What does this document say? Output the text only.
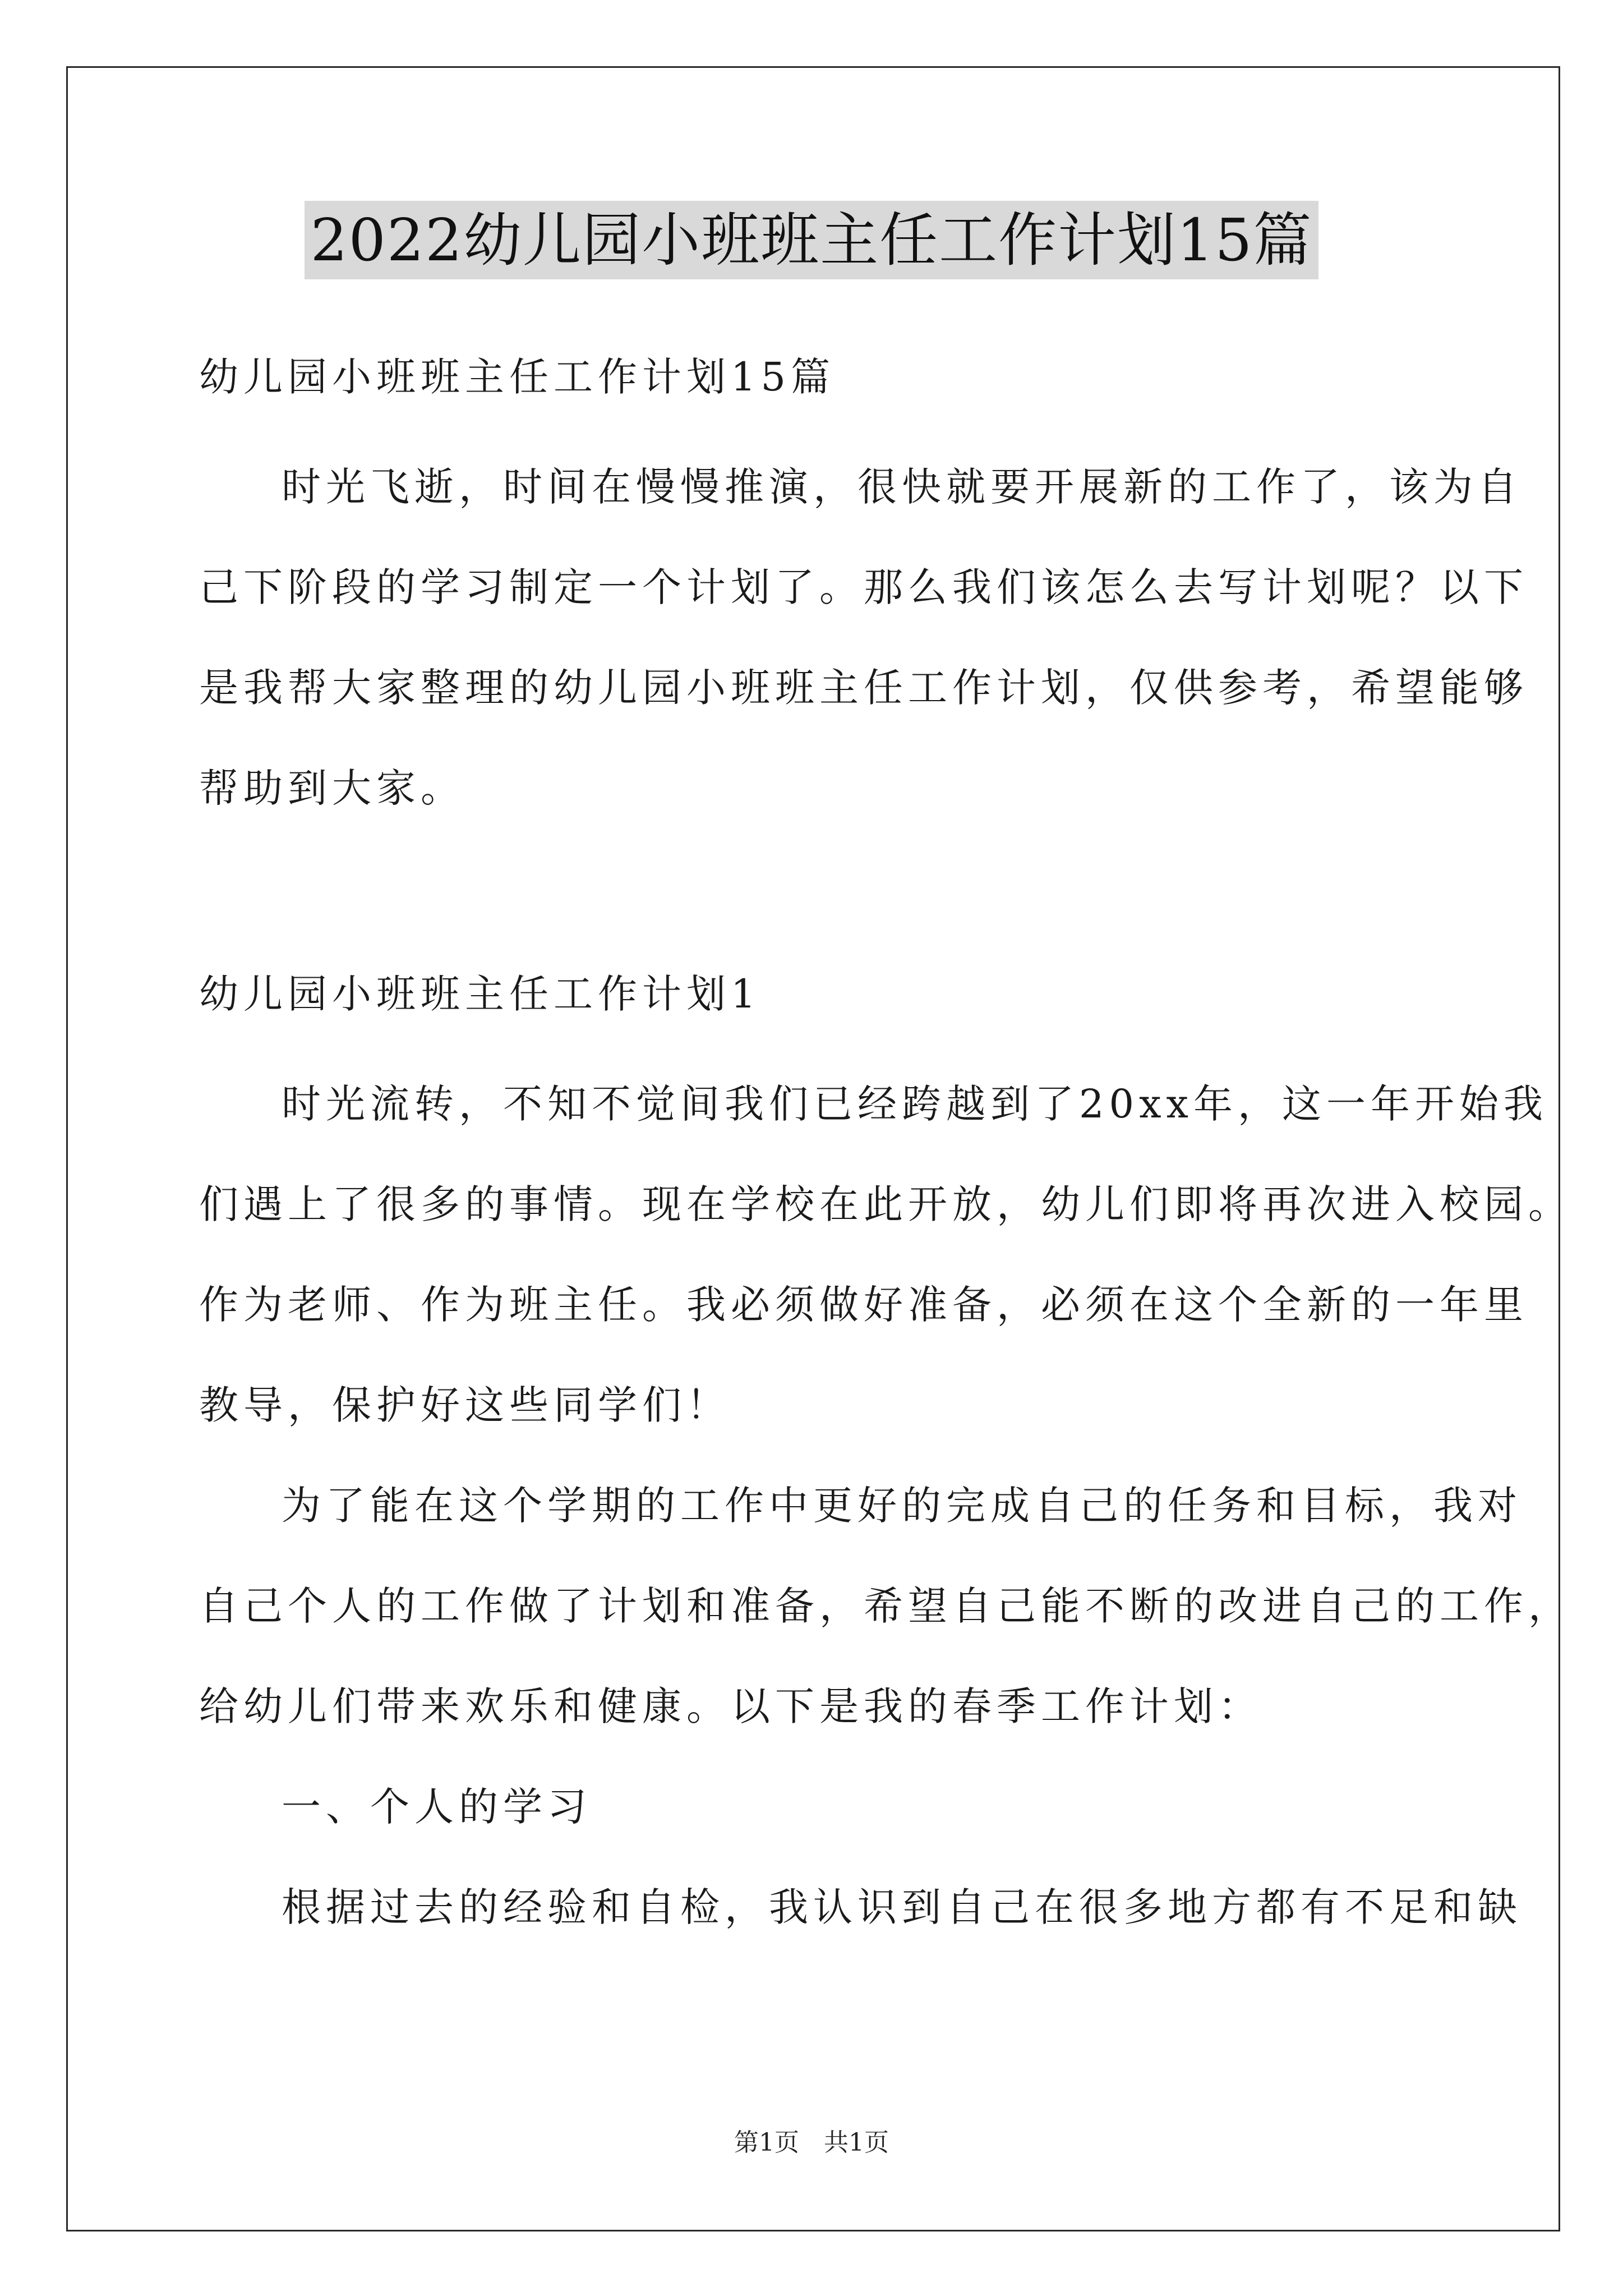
2022幼儿园小班班主任工作计划15篇
幼儿园小班班主任工作计划15篇
时光飞逝，时间在慢慢推演，很快就要开展新的工作了，该为自
己下阶段的学习制定一个计划了。那么我们该怎么去写计划呢？以下
是我帮大家整理的幼儿园小班班主任工作计划，仅供参考，希望能够
帮助到大家。
幼儿园小班班主任工作计划1
时光流转，不知不觉间我们已经跨越到了20xx年，这一年开始我
们遇上了很多的事情。现在学校在此开放，幼儿们即将再次进入校园。
作为老师、作为班主任。我必须做好准备，必须在这个全新的一年里
教导，保护好这些同学们！
为了能在这个学期的工作中更好的完成自己的任务和目标，我对
自己个人的工作做了计划和准备，希望自己能不断的改进自己的工作，
给幼儿们带来欢乐和健康。以下是我的春季工作计划：
一、个人的学习
根据过去的经验和自检，我认识到自己在很多地方都有不足和缺
第1页　共1页
